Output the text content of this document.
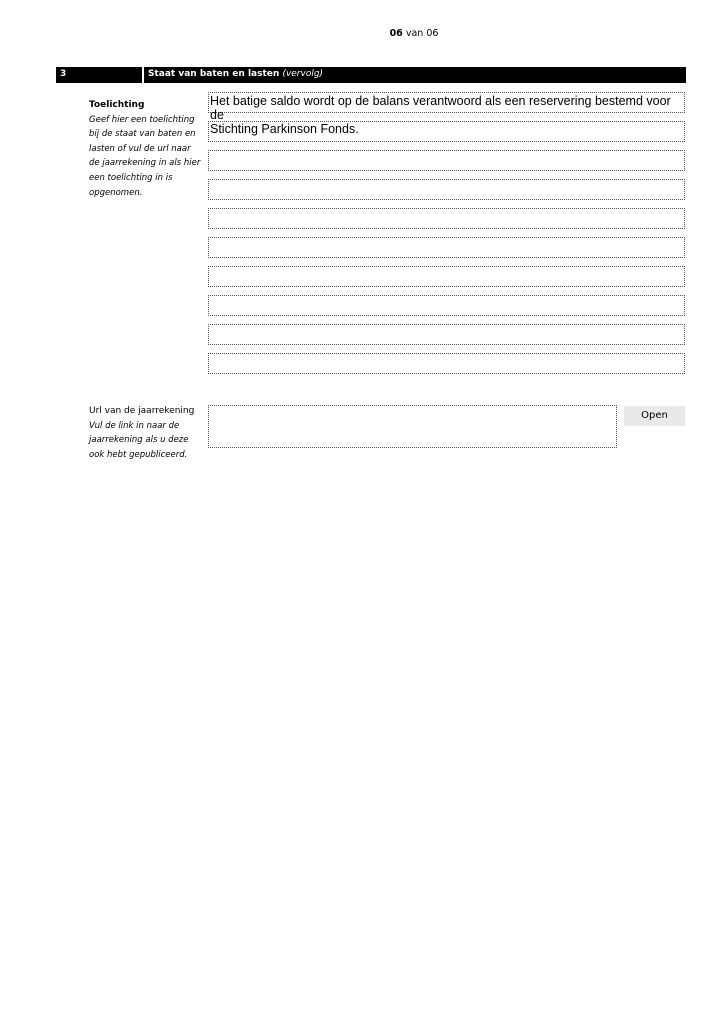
06 van 06
3	Staat van baten en lasten (vervolg)
Toelichting
Geef hier een toelichting
bij de staat van baten en
lasten of vul de url naar
de jaarrekening in als hier
een toelichting in is
opgenomen.
Het batige saldo wordt op de balans verantwoord als een reservering bestemd voor de
Stichting Parkinson Fonds.
Url van de jaarrekening
Vul de link in naar de
jaarrekening als u deze
ook hebt gepubliceerd.
Open
